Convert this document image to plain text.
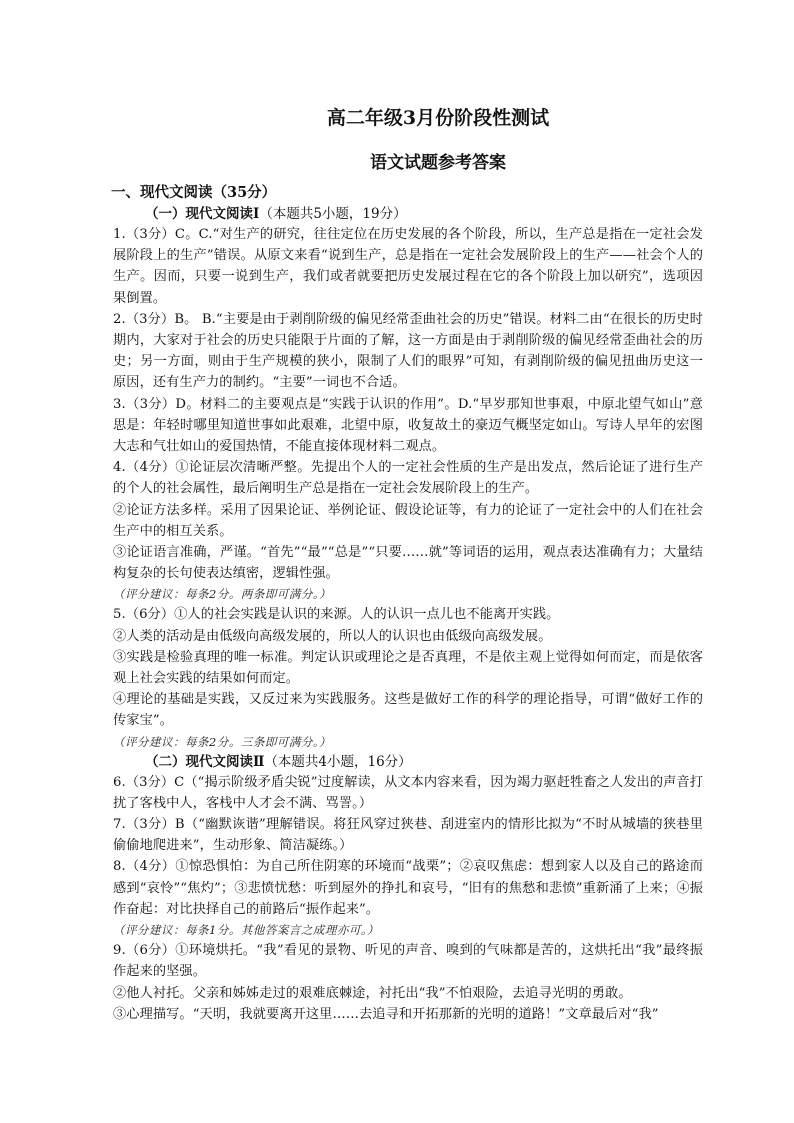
高二年级3月份阶段性测试
语文试题参考答案
一、现代文阅读（35分）
（一）现代文阅读Ⅰ（本题共5小题，19分）

1.（3分）C。C.“对生产的研究，往往定位在历史发展的各个阶段，所以，生产总是指在一定社会发展阶段上的生产”错误。从原文来看“说到生产，总是指在一定社会发展阶段上的生产——社会个人的生产。因而，只要一说到生产，我们或者就要把历史发展过程在它的各个阶段上加以研究”，选项因果倒置。

2.（3分）B。 B.“主要是由于剥削阶级的偏见经常歪曲社会的历史”错误。材料二由“在很长的历史时期内，大家对于社会的历史只能限于片面的了解，这一方面是由于剥削阶级的偏见经常歪曲社会的历史；另一方面，则由于生产规模的狭小，限制了人们的眼界”可知，有剥削阶级的偏见扭曲历史这一原因，还有生产力的制约。“主要”一词也不合适。

3.（3分）D。材料二的主要观点是“实践于认识的作用”。D.“早岁那知世事艰，中原北望气如山”意思是：年轻时哪里知道世事如此艰难，北望中原，收复故土的豪迈气概坚定如山。写诗人早年的宏图大志和气壮如山的爱国热情，不能直接体现材料二观点。

4.（4分）①论证层次清晰严整。先提出个人的一定社会性质的生产是出发点，然后论证了进行生产的个人的社会属性，最后阐明生产总是指在一定社会发展阶段上的生产。

②论证方法多样。采用了因果论证、举例论证、假设论证等，有力的论证了一定社会中的人们在社会生产中的相互关系。

③论证语言准确，严谨。“首先”“最”“总是”“只要……就”等词语的运用，观点表达准确有力；大量结构复杂的长句使表达缜密，逻辑性强。

（评分建议：每条2分。两条即可满分。）

5.（6分）①人的社会实践是认识的来源。人的认识一点儿也不能离开实践。

②人类的活动是由低级向高级发展的，所以人的认识也由低级向高级发展。

③实践是检验真理的唯一标准。判定认识或理论之是否真理，不是依主观上觉得如何而定，而是依客观上社会实践的结果如何而定。

④理论的基础是实践，又反过来为实践服务。这些是做好工作的科学的理论指导，可谓“做好工作的传家宝”。

（评分建议：每条2分。三条即可满分。）
（二）现代文阅读Ⅱ（本题共4小题，16分）

6.（3分）C（“揭示阶级矛盾尖锐”过度解读，从文本内容来看，因为竭力驱赶牲畜之人发出的声音打扰了客栈中人，客栈中人才会不满、骂詈。）

7.（3分）B（“幽默诙谐”理解错误。将狂风穿过狭巷、刮进室内的情形比拟为“不时从城墙的狭巷里偷偷地爬进来”，生动形象、简洁凝练。）

8.（4分）①惊恐惧怕：为自己所住阴寒的环境而“战栗”；②哀叹焦虑：想到家人以及自己的路途而感到“哀怜”“焦灼”；③悲愤忧愁：听到屋外的挣扎和哀号，“旧有的焦愁和悲愤”重新涌了上来；④振作奋起：对比抉择自己的前路后“振作起来”。

（评分建议：每条1分。其他答案言之成理亦可。）

9.（6分）①环境烘托。“我”看见的景物、听见的声音、嗅到的气味都是苦的，这烘托出“我”最终振作起来的坚强。

②他人衬托。父亲和姊姊走过的艰难底棘途，衬托出“我”不怕艰险，去追寻光明的勇敢。

③心理描写。“天明，我就要离开这里……去追寻和开拓那新的光明的道路！”文章最后对“我”
